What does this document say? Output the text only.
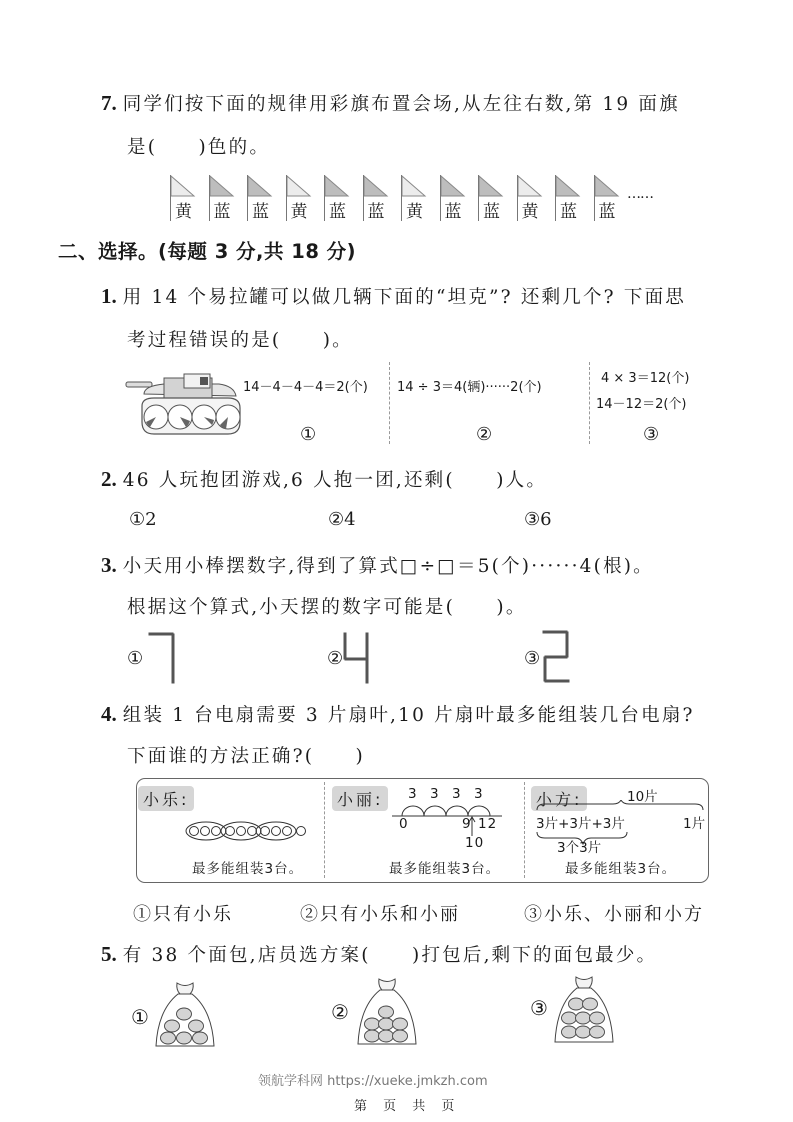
7. 同学们按下面的规律用彩旗布置会场,从左往右数,第 19 面旗
是(　　)色的。
黄 蓝 蓝 黄 蓝 蓝 黄 蓝 蓝 黄 蓝 蓝
……
二、选择。(每题 3 分,共 18 分)
1. 用 14 个易拉罐可以做几辆下面的“坦克”? 还剩几个? 下面思
考过程错误的是(　　)。
14－4－4－4＝2(个) 14 ÷ 3＝4(辆)······2(个)
4 × 3＝12(个)
14－12＝2(个)
①	②	③
2. 46 人玩抱团游戏,6 人抱一团,还剩(　　)人。
①2	②4	③6
3. 小天用小棒摆数字,得到了算式□÷□＝5(个)······4(根)。
根据这个算式,小天摆的数字可能是(　　)。
①	②	③
4. 组装 1 台电扇需要 3 片扇叶,10 片扇叶最多能组装几台电扇?
下面谁的方法正确?(　　)
小乐:
最多能组装3台。
小丽:	3 3 3 3
0	9 12
10
最多能组装3台。
小方:	10片
3片+3片+3片	1片
3个3片
最多能组装3台。
①只有小乐	②只有小乐和小丽	③小乐、小丽和小方
5. 有 38 个面包,店员选方案(　　)打包后,剩下的面包最少。
①	②	③
领航学科网 https://xueke.jmkzh.com
第 页 共 页
